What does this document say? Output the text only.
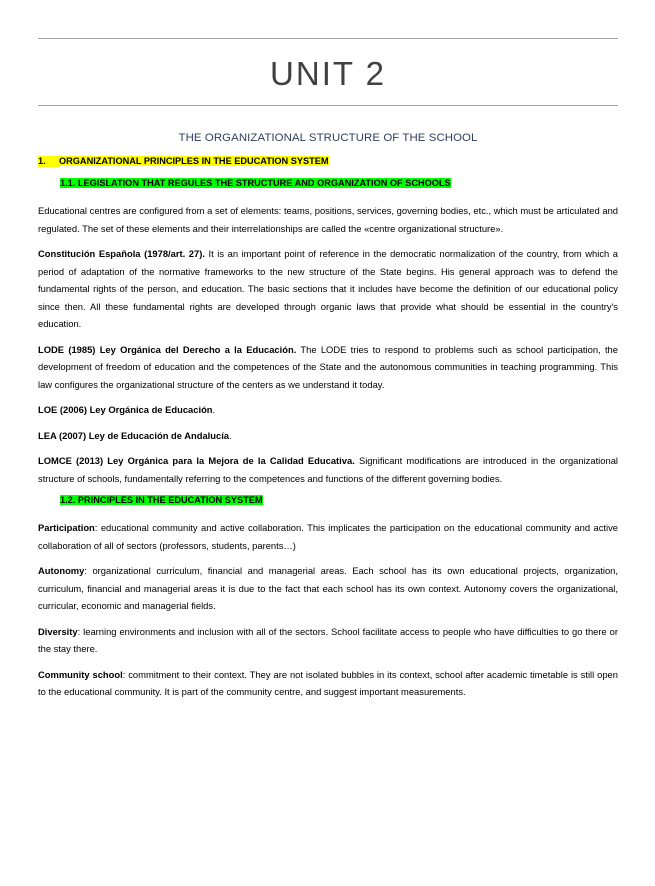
UNIT 2
THE ORGANIZATIONAL STRUCTURE OF THE SCHOOL
1. ORGANIZATIONAL PRINCIPLES IN THE EDUCATION SYSTEM
1.1. LEGISLATION THAT REGULES THE STRUCTURE AND ORGANIZATION OF SCHOOLS

Educational centres are configured from a set of elements: teams, positions, services, governing bodies, etc., which must be articulated and regulated. The set of these elements and their interrelationships are called the «centre organizational structure».

Constitución Española (1978/art. 27). It is an important point of reference in the democratic normalization of the country, from which a period of adaptation of the normative frameworks to the new structure of the State begins. His general approach was to defend the fundamental rights of the person, and education. The basic sections that it includes have become the definition of our educational policy since then. All these fundamental rights are developed through organic laws that provide what should be essential in the country's education.

LODE (1985) Ley Orgánica del Derecho a la Educación. The LODE tries to respond to problems such as school participation, the development of freedom of education and the competences of the State and the autonomous communities in teaching programming. This law configures the organizational structure of the centers as we understand it today.

LOE (2006) Ley Orgánica de Educación.

LEA (2007) Ley de Educación de Andalucía.

LOMCE (2013) Ley Orgánica para la Mejora de la Calidad Educativa. Significant modifications are introduced in the organizational structure of schools, fundamentally referring to the competences and functions of the different governing bodies.

1.2. PRINCIPLES IN THE EDUCATION SYSTEM

Participation: educational community and active collaboration. This implicates the participation on the educational community and active collaboration of all of sectors (professors, students, parents…)

Autonomy: organizational curriculum, financial and managerial areas. Each school has its own educational projects, organization, curriculum, financial and managerial areas it is due to the fact that each school has its own context. Autonomy covers the organizational, curricular, economic and managerial fields.

Diversity: learning environments and inclusion with all of the sectors. School facilitate access to people who have difficulties to go there or the stay there.

Community school: commitment to their context. They are not isolated bubbles in its context, school after academic timetable is still open to the educational community. It is part of the community centre, and suggest important measurements.
